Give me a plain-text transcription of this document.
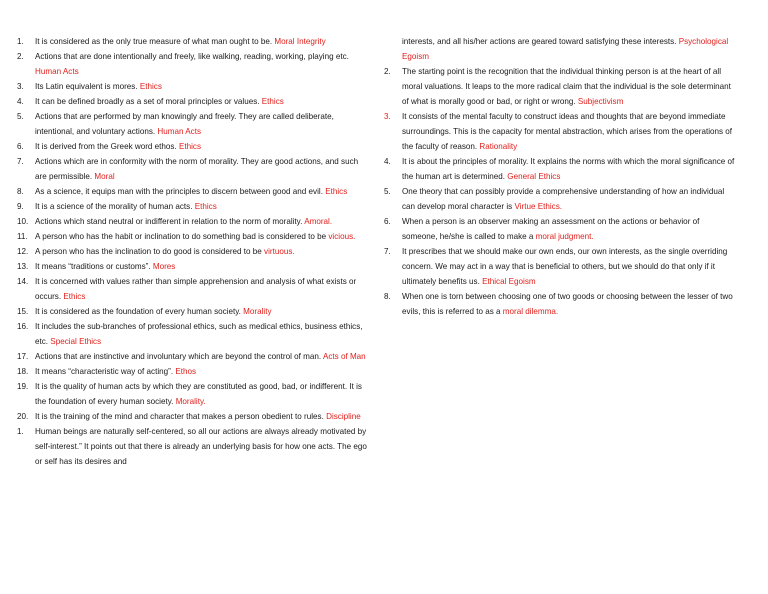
1. It is considered as the only true measure of what man ought to be. Moral Integrity
2. Actions that are done intentionally and freely, like walking, reading, working, playing etc. Human Acts
3. Its Latin equivalent is mores. Ethics
4. It can be defined broadly as a set of moral principles or values. Ethics
5. Actions that are performed by man knowingly and freely. They are called deliberate, intentional, and voluntary actions. Human Acts
6. It is derived from the Greek word ethos. Ethics
7. Actions which are in conformity with the norm of morality. They are good actions, and such are permissible. Moral
8. As a science, it equips man with the principles to discern between good and evil. Ethics
9. It is a science of the morality of human acts. Ethics
10. Actions which stand neutral or indifferent in relation to the norm of morality. Amoral.
11. A person who has the habit or inclination to do something bad is considered to be vicious.
12. A person who has the inclination to do good is considered to be virtuous.
13. It means “traditions or customs”. Mores
14. It is concerned with values rather than simple apprehension and analysis of what exists or occurs. Ethics
15. It is considered as the foundation of every human society. Morality
16. It includes the sub-branches of professional ethics, such as medical ethics, business ethics, etc. Special Ethics
17. Actions that are instinctive and involuntary which are beyond the control of man. Acts of Man
18. It means “characteristic way of acting”. Ethos
19. It is the quality of human acts by which they are constituted as good, bad, or indifferent. It is the foundation of every human society. Morality.
20. It is the training of the mind and character that makes a person obedient to rules. Discipline
1. Human beings are naturally self-centered, so all our actions are always already motivated by self-interest.” It points out that there is already an underlying basis for how one acts. The ego or self has its desires and

interests, and all his/her actions are geared toward satisfying these interests. Psychological Egoism

2. The starting point is the recognition that the individual thinking person is at the heart of all moral valuations. It leaps to the more radical claim that the individual is the sole determinant of what is morally good or bad, or right or wrong. Subjectivism
3. It consists of the mental faculty to construct ideas and thoughts that are beyond immediate surroundings. This is the capacity for mental abstraction, which arises from the operations of the faculty of reason. Rationality
4. It is about the principles of morality. It explains the norms with which the moral significance of the human art is determined. General Ethics
5. One theory that can possibly provide a comprehensive understanding of how an individual can develop moral character is Virtue Ethics.
6. When a person is an observer making an assessment on the actions or behavior of someone, he/she is called to make a moral judgment.
7. It prescribes that we should make our own ends, our own interests, as the single overriding concern. We may act in a way that is beneficial to others, but we should do that only if it ultimately benefits us. Ethical Egoism
8. When one is torn between choosing one of two goods or choosing between the lesser of two evils, this is referred to as a moral dilemma.
